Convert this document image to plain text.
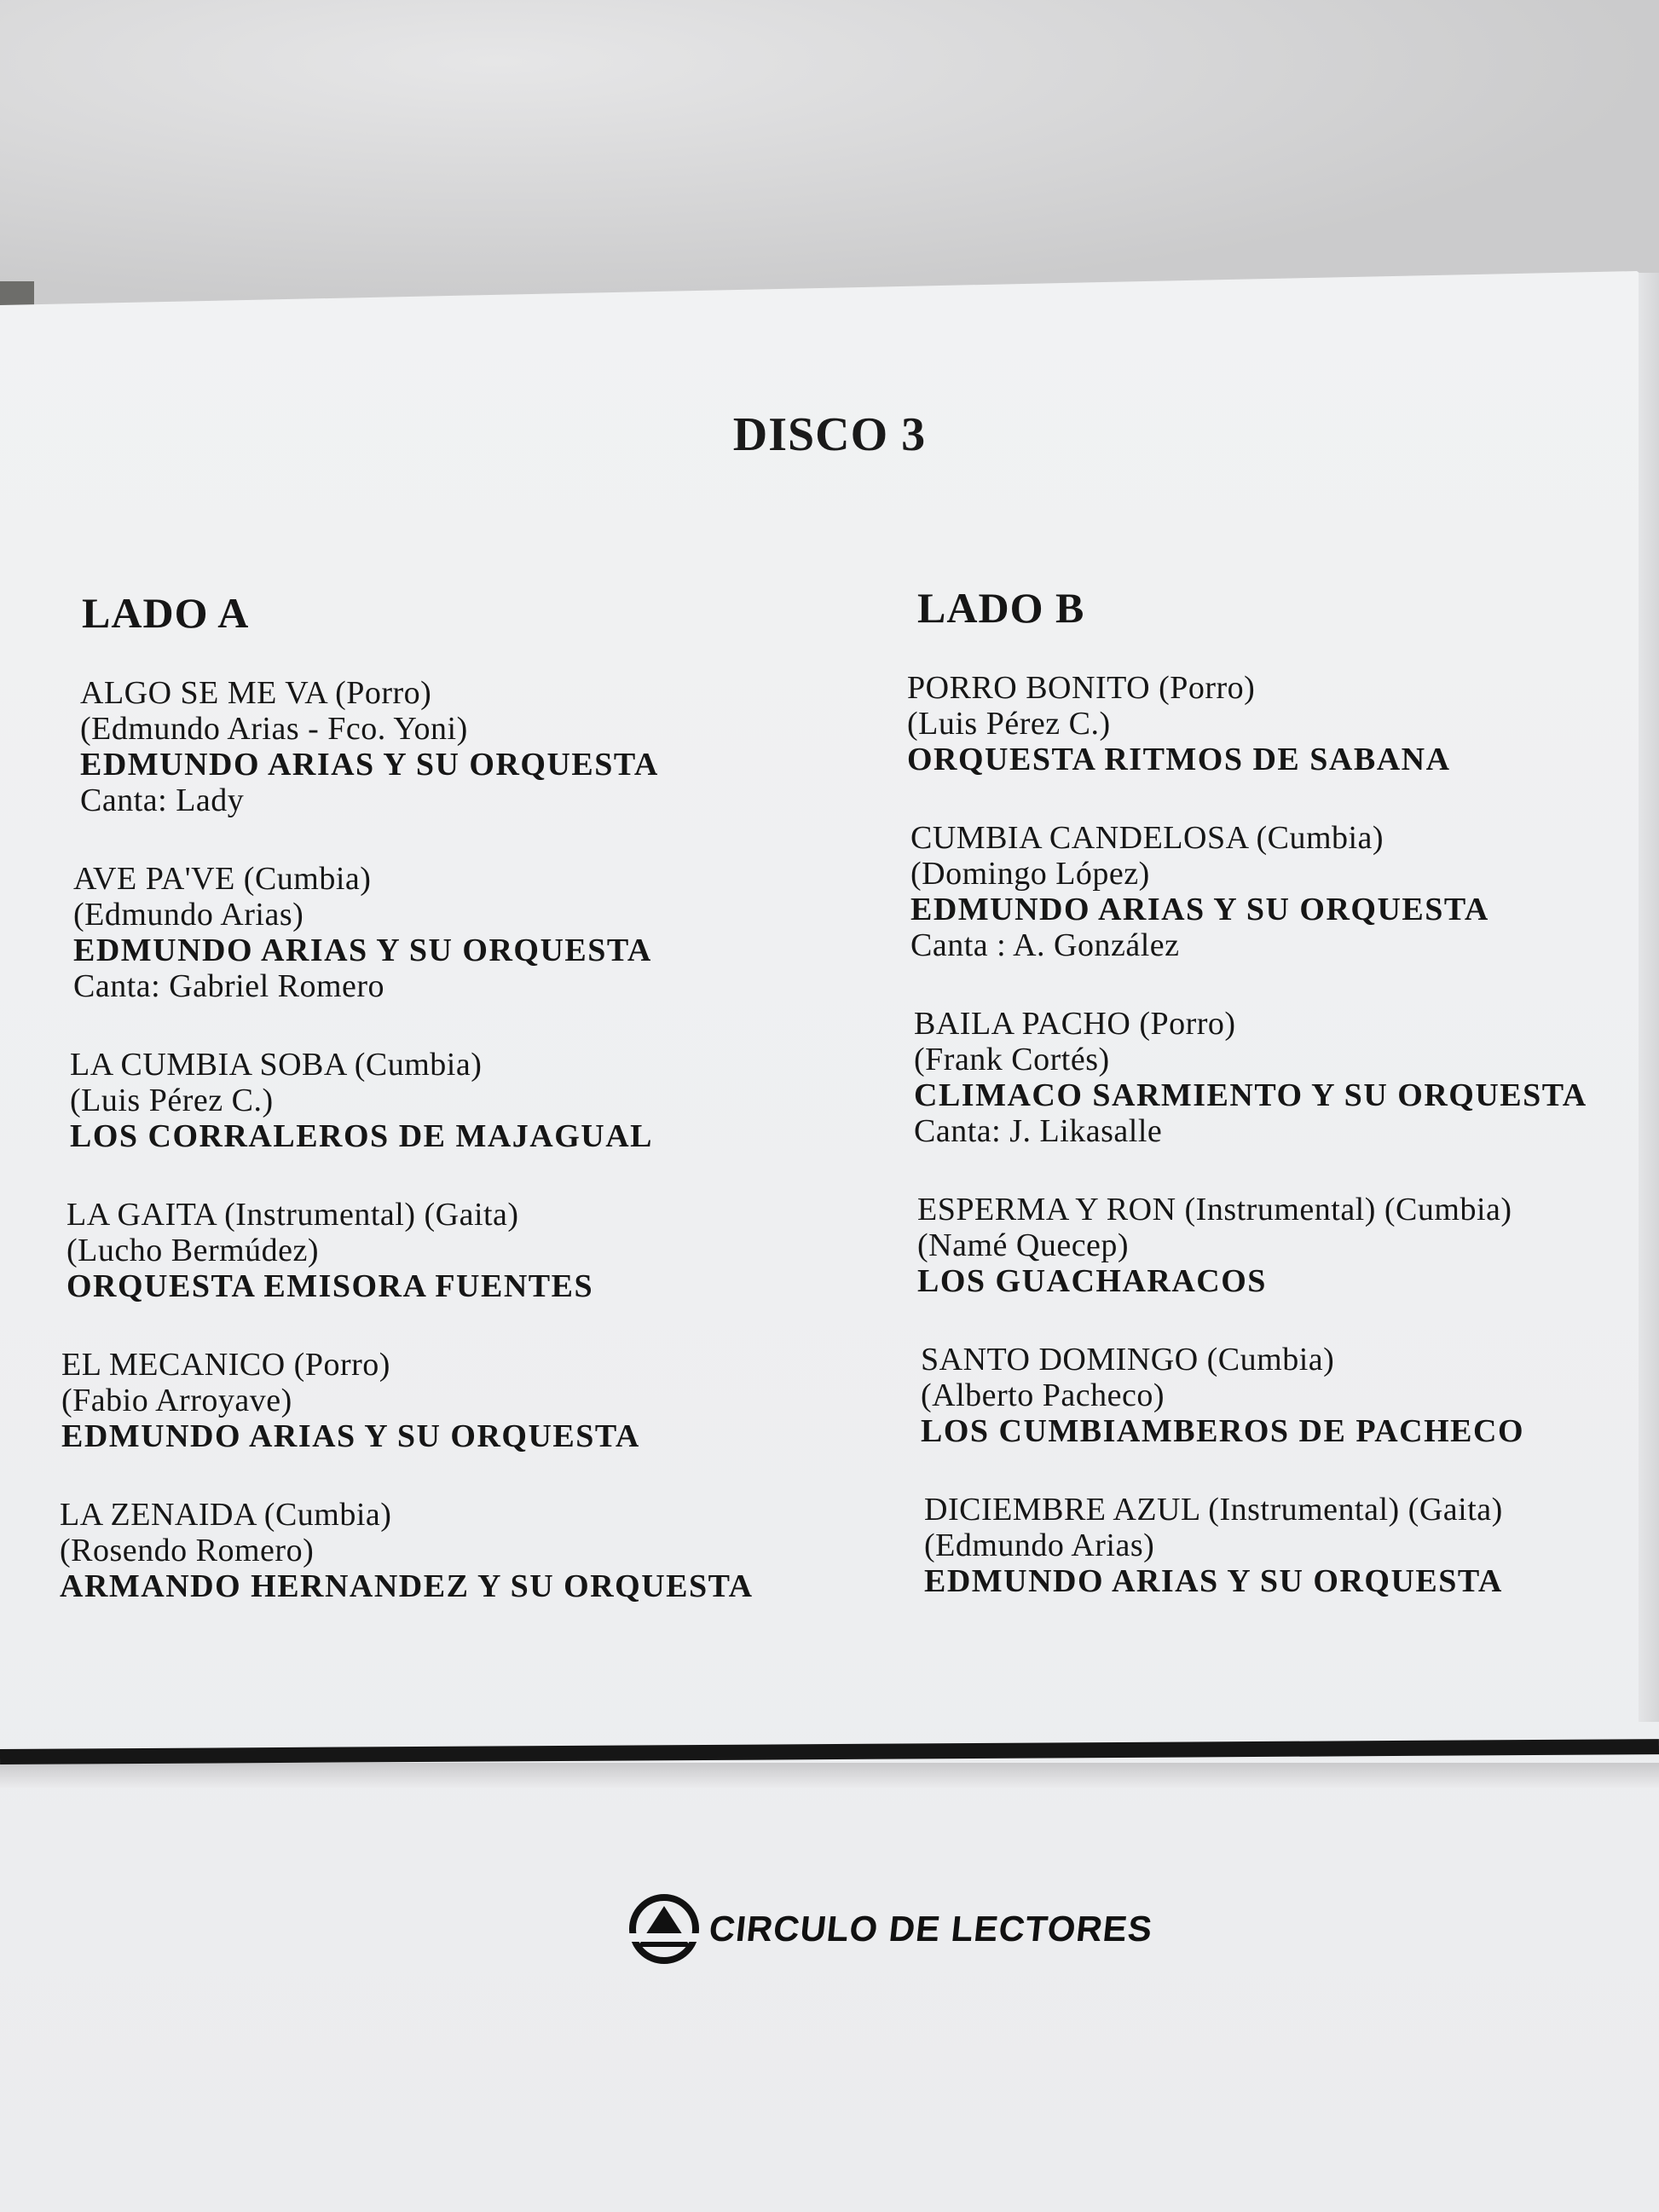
DISCO 3
LADO A
ALGO SE ME VA (Porro)
(Edmundo Arias - Fco. Yoni)
EDMUNDO ARIAS Y SU ORQUESTA
Canta: Lady
AVE PA'VE (Cumbia)
(Edmundo Arias)
EDMUNDO ARIAS Y SU ORQUESTA
Canta: Gabriel Romero
LA CUMBIA SOBA (Cumbia)
(Luis Pérez C.)
LOS CORRALEROS DE MAJAGUAL
LA GAITA (Instrumental) (Gaita)
(Lucho Bermúdez)
ORQUESTA EMISORA FUENTES
EL MECANICO (Porro)
(Fabio Arroyave)
EDMUNDO ARIAS Y SU ORQUESTA
LA ZENAIDA (Cumbia)
(Rosendo Romero)
ARMANDO HERNANDEZ Y SU ORQUESTA
LADO B
PORRO BONITO (Porro)
(Luis Pérez C.)
ORQUESTA RITMOS DE SABANA
CUMBIA CANDELOSA (Cumbia)
(Domingo López)
EDMUNDO ARIAS Y SU ORQUESTA
Canta : A. González
BAILA PACHO (Porro)
(Frank Cortés)
CLIMACO SARMIENTO Y SU ORQUESTA
Canta: J. Likasalle
ESPERMA Y RON (Instrumental) (Cumbia)
(Namé Quecep)
LOS GUACHARACOS
SANTO DOMINGO (Cumbia)
(Alberto Pacheco)
LOS CUMBIAMBEROS DE PACHECO
DICIEMBRE AZUL (Instrumental) (Gaita)
(Edmundo Arias)
EDMUNDO ARIAS Y SU ORQUESTA
CIRCULO DE LECTORES
